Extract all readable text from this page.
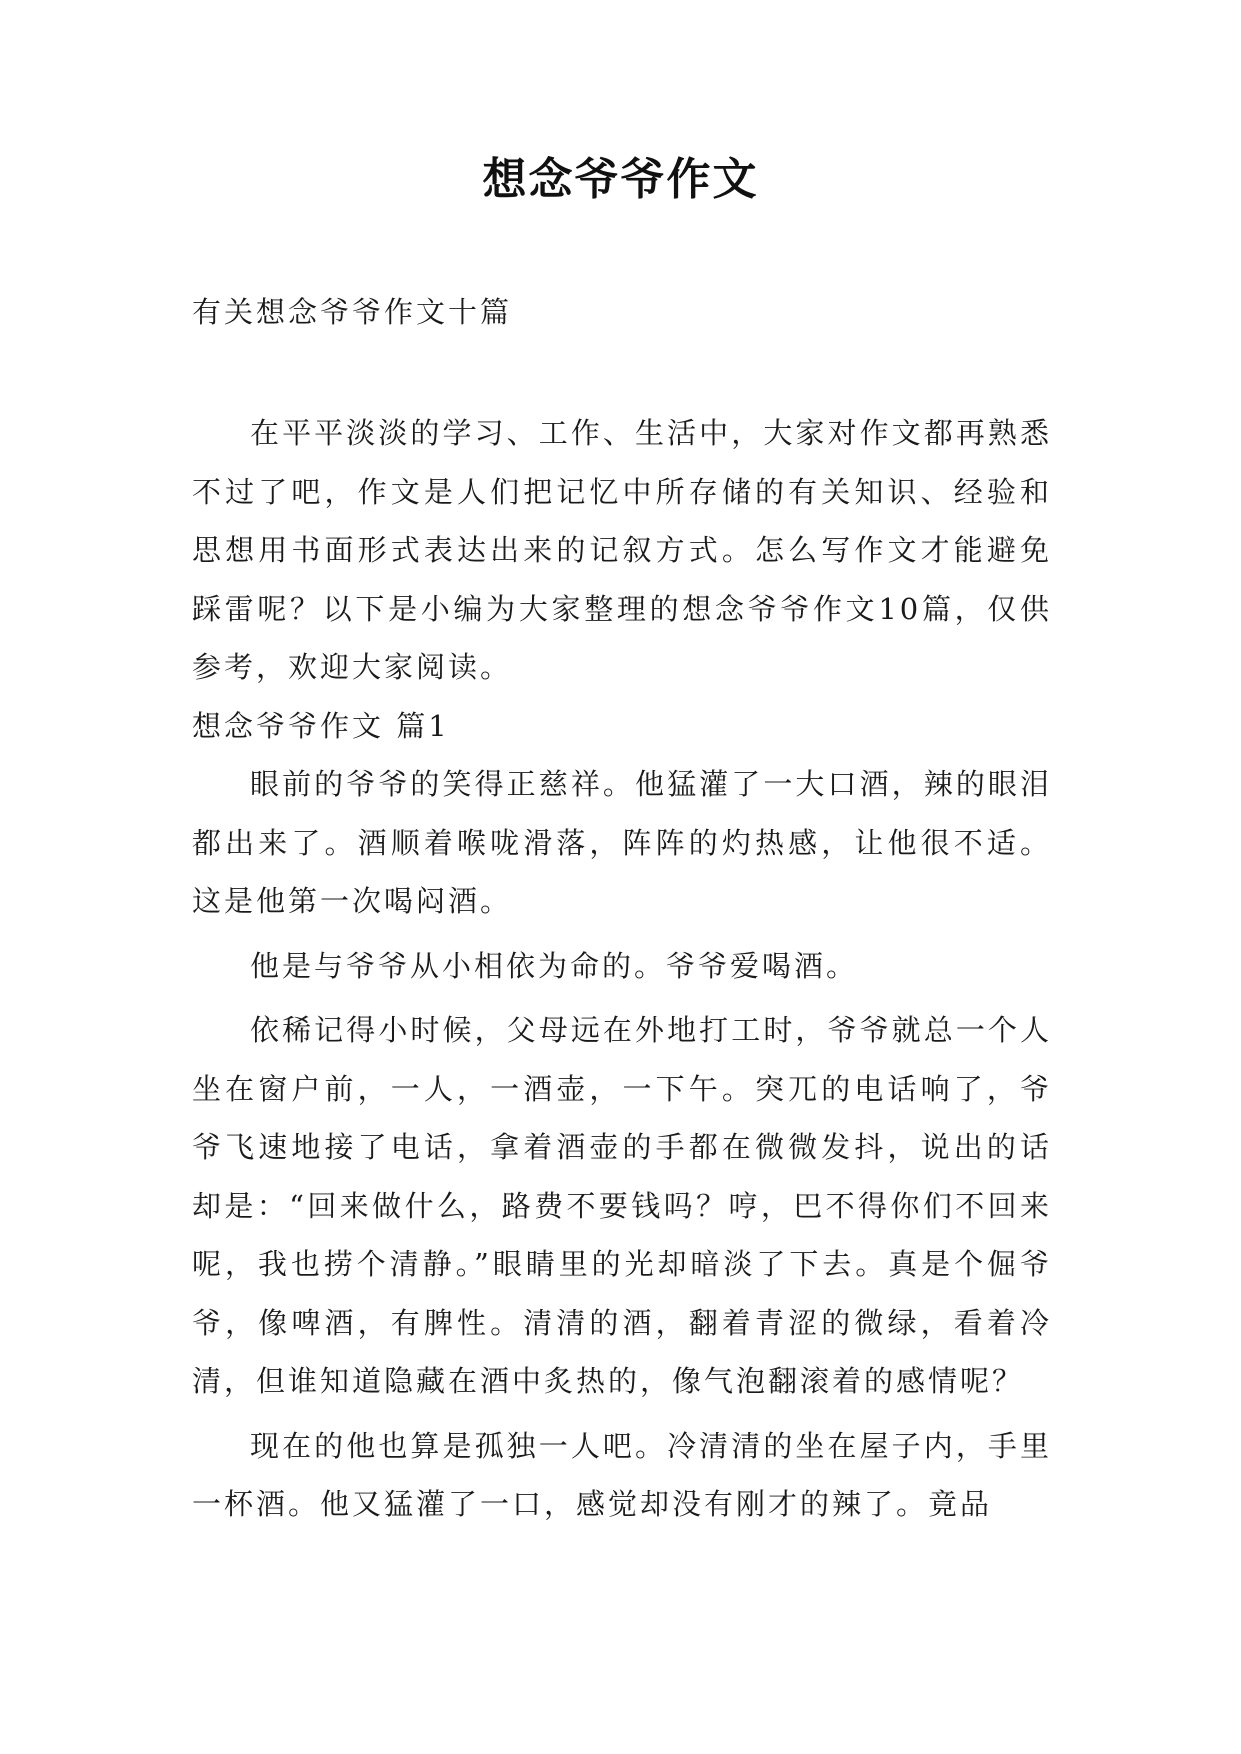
想念爷爷作文
有关想念爷爷作文十篇

在平平淡淡的学习、工作、生活中，大家对作文都再熟悉不过了吧，作文是人们把记忆中所存储的有关知识、经验和思想用书面形式表达出来的记叙方式。怎么写作文才能避免踩雷呢？以下是小编为大家整理的想念爷爷作文10篇，仅供参考，欢迎大家阅读。

想念爷爷作文 篇1

眼前的爷爷的笑得正慈祥。他猛灌了一大口酒，辣的眼泪都出来了。酒顺着喉咙滑落，阵阵的灼热感，让他很不适。这是他第一次喝闷酒。

他是与爷爷从小相依为命的。爷爷爱喝酒。

依稀记得小时候，父母远在外地打工时，爷爷就总一个人坐在窗户前，一人，一酒壶，一下午。突兀的电话响了，爷爷飞速地接了电话，拿着酒壶的手都在微微发抖，说出的话却是：“回来做什么，路费不要钱吗？哼，巴不得你们不回来呢，我也捞个清静。”眼睛里的光却暗淡了下去。真是个倔爷爷，像啤酒，有脾性。清清的酒，翻着青涩的微绿，看着冷清，但谁知道隐藏在酒中炙热的，像气泡翻滚着的感情呢？

现在的他也算是孤独一人吧。冷清清的坐在屋子内，手里一杯酒。他又猛灌了一口，感觉却没有刚才的辣了。竟品
